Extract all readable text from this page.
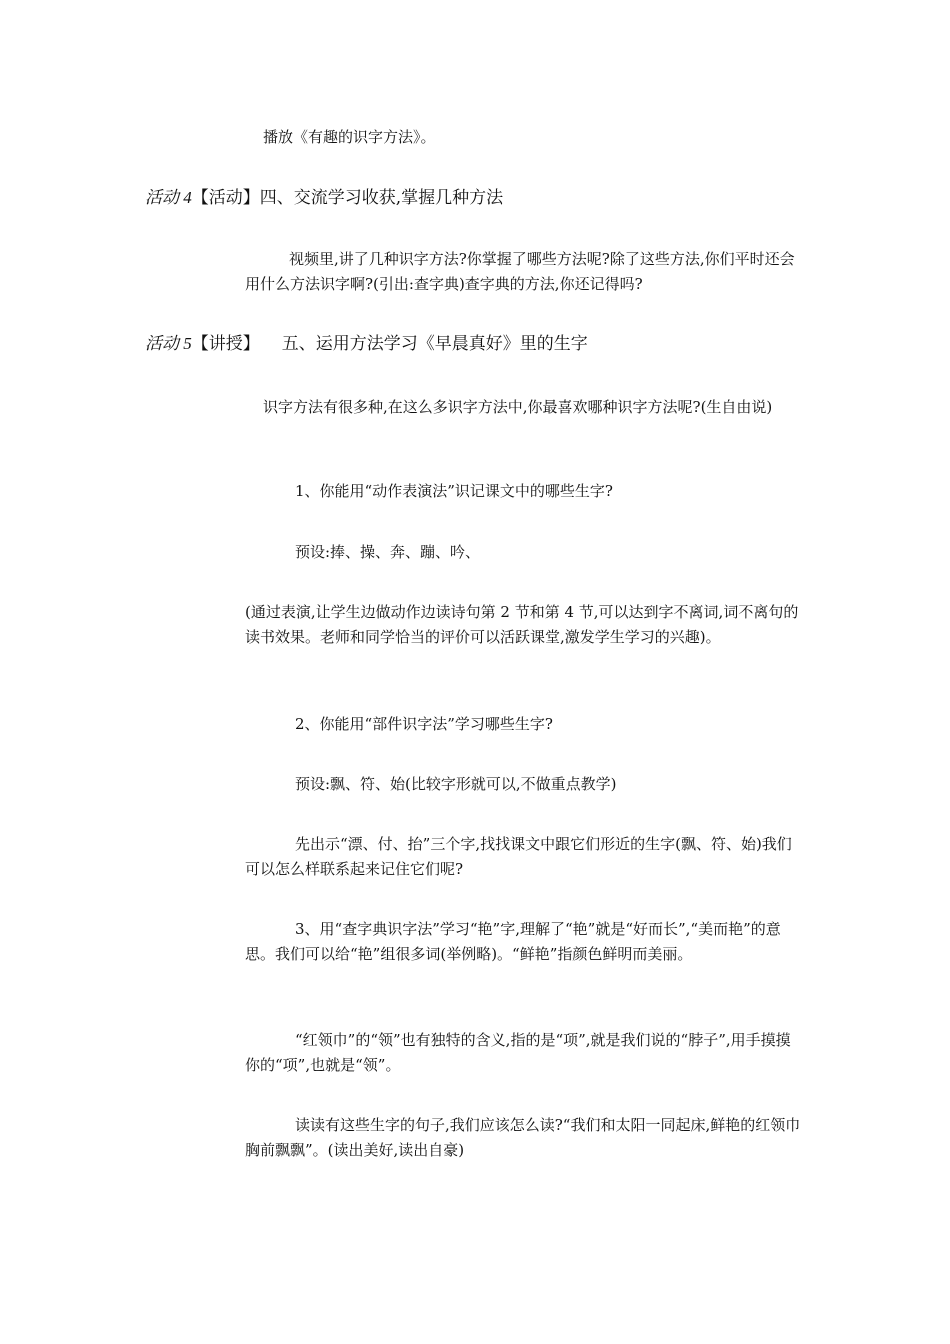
播放《有趣的识字方法》。
活动 4【活动】四、交流学习收获,掌握几种方法
视频里,讲了几种识字方法?你掌握了哪些方法呢?除了这些方法,你们平时还会用什么方法识字啊?(引出:查字典)查字典的方法,你还记得吗?
活动 5【讲授】 五、运用方法学习《早晨真好》里的生字
识字方法有很多种,在这么多识字方法中,你最喜欢哪种识字方法呢?(生自由说)
1、你能用“动作表演法”识记课文中的哪些生字?
预设:捧、操、奔、蹦、吟、
(通过表演,让学生边做动作边读诗句第 2 节和第 4 节,可以达到字不离词,词不离句的读书效果。老师和同学恰当的评价可以活跃课堂,激发学生学习的兴趣)。
2、你能用“部件识字法”学习哪些生字?
预设:飘、符、始(比较字形就可以,不做重点教学)
先出示“漂、付、抬”三个字,找找课文中跟它们形近的生字(飘、符、始)我们可以怎么样联系起来记住它们呢?
3、用“查字典识字法”学习“艳”字,理解了“艳”就是“好而长”,“美而艳”的意思。我们可以给“艳”组很多词(举例略)。“鲜艳”指颜色鲜明而美丽。
“红领巾”的“领”也有独特的含义,指的是“项”,就是我们说的“脖子”,用手摸摸你的“项”,也就是“领”。
读读有这些生字的句子,我们应该怎么读?“我们和太阳一同起床,鲜艳的红领巾胸前飘飘”。(读出美好,读出自豪)
